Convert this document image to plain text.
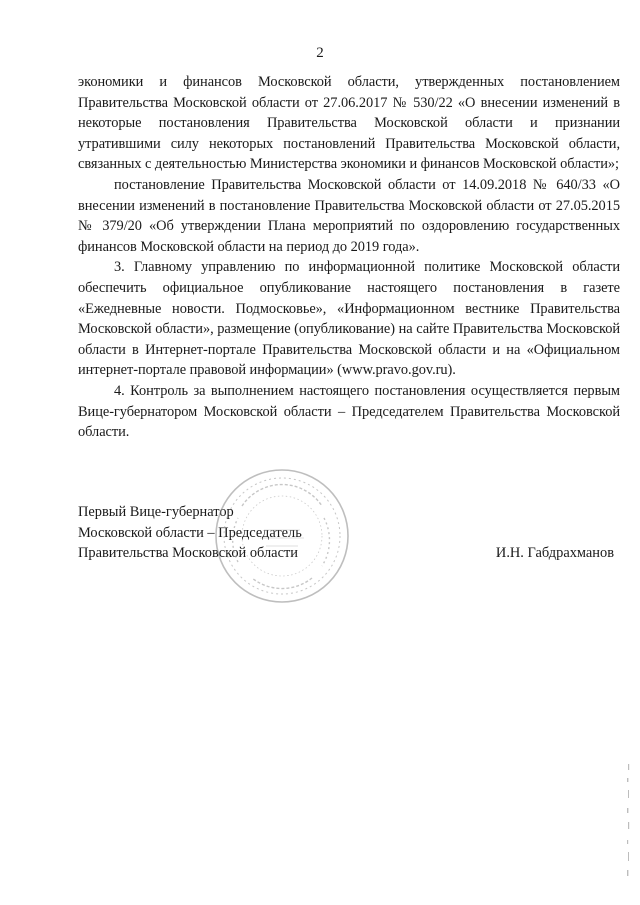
2

экономики и финансов Московской области, утвержденных постановлением Правительства Московской области от 27.06.2017 № 530/22 «О внесении изменений в некоторые постановления Правительства Московской области и признании утратившими силу некоторых постановлений Правительства Московской области, связанных с деятельностью Министерства экономики и финансов Московской области»;

постановление Правительства Московской области от 14.09.2018 № 640/33 «О внесении изменений в постановление Правительства Московской области от 27.05.2015 № 379/20 «Об утверждении Плана мероприятий по оздоровлению государственных финансов Московской области на период до 2019 года».

3. Главному управлению по информационной политике Московской области обеспечить официальное опубликование настоящего постановления в газете «Ежедневные новости. Подмосковье», «Информационном вестнике Правительства Московской области», размещение (опубликование) на сайте Правительства Московской области в Интернет-портале Правительства Московской области и на «Официальном интернет-портале правовой информации» (www.pravo.gov.ru).

4. Контроль за выполнением настоящего постановления осуществляется первым Вице-губернатором Московской области – Председателем Правительства Московской области.

Первый Вице-губернатор
Московской области – Председатель
Правительства Московской области	И.Н. Габдрахманов
